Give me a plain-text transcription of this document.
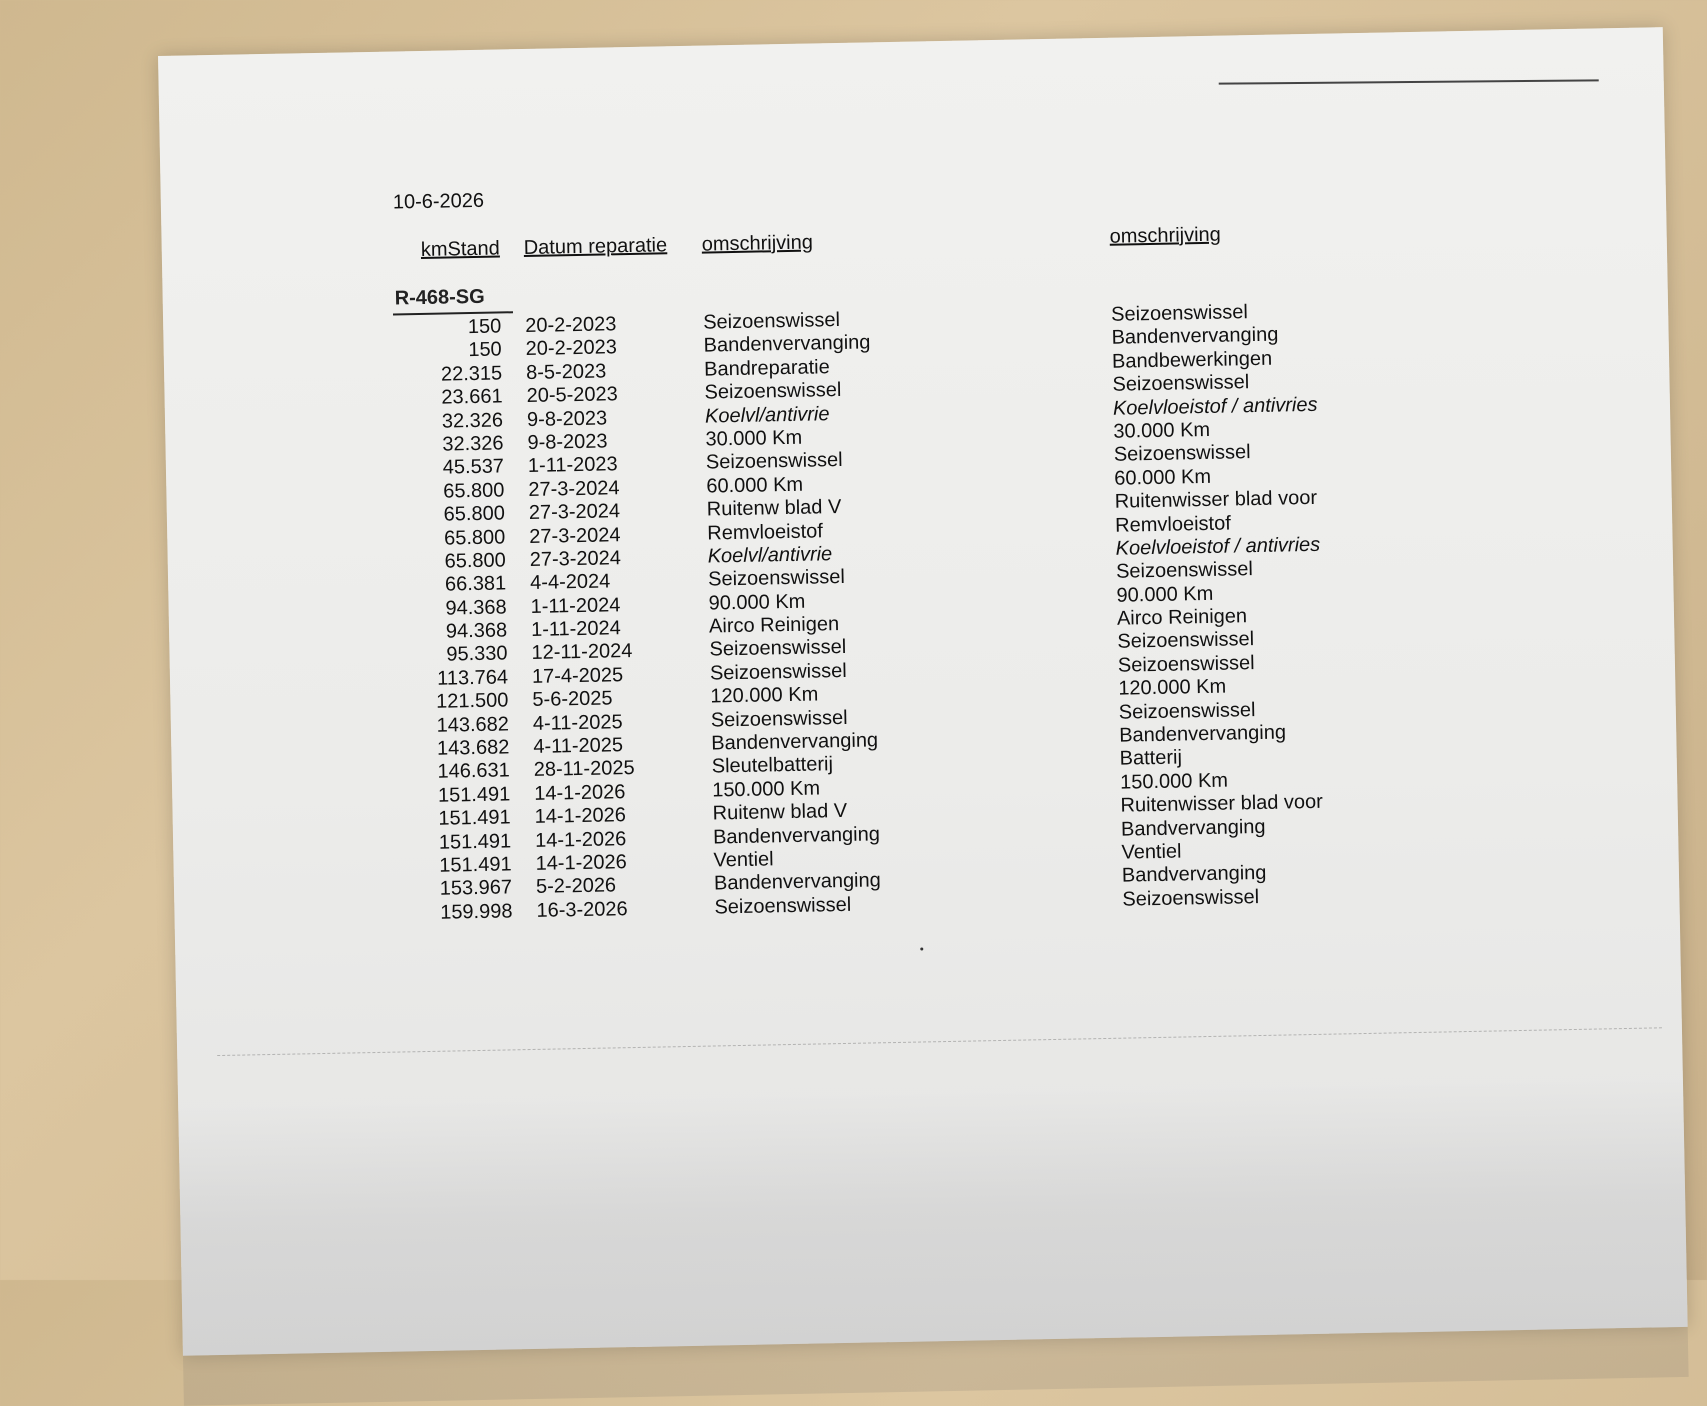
10-6-2026
kmStand Datum reparatie omschrijving	omschrijving
R-468-SG
150 20-2-2023	Seizoenswissel	Seizoenswissel
150 20-2-2023	Bandenvervanging	Bandenvervanging
22.315 8-5-2023	Bandreparatie	Bandbewerkingen
23.661 20-5-2023	Seizoenswissel	Seizoenswissel
32.326 9-8-2023	Koelvl/antivrie	Koelvloeistof / antivries
32.326 9-8-2023	30.000 Km	30.000 Km
45.537 1-11-2023	Seizoenswissel	Seizoenswissel
65.800 27-3-2024	60.000 Km	60.000 Km
65.800 27-3-2024	Ruitenw blad V	Ruitenwisser blad voor
65.800 27-3-2024	Remvloeistof	Remvloeistof
65.800 27-3-2024	Koelvl/antivrie	Koelvloeistof / antivries
66.381 4-4-2024	Seizoenswissel	Seizoenswissel
94.368 1-11-2024	90.000 Km	90.000 Km
94.368 1-11-2024	Airco Reinigen	Airco Reinigen
95.330 12-11-2024	Seizoenswissel	Seizoenswissel
113.764 17-4-2025	Seizoenswissel	Seizoenswissel
121.500 5-6-2025	120.000 Km	120.000 Km
143.682 4-11-2025	Seizoenswissel	Seizoenswissel
143.682 4-11-2025	Bandenvervanging	Bandenvervanging
146.631 28-11-2025	Sleutelbatterij	Batterij
151.491 14-1-2026	150.000 Km	150.000 Km
151.491 14-1-2026	Ruitenw blad V	Ruitenwisser blad voor
151.491 14-1-2026	Bandenvervanging	Bandvervanging
151.491 14-1-2026	Ventiel	Ventiel
153.967 5-2-2026	Bandenvervanging	Bandvervanging
159.998 16-3-2026	Seizoenswissel	Seizoenswissel
